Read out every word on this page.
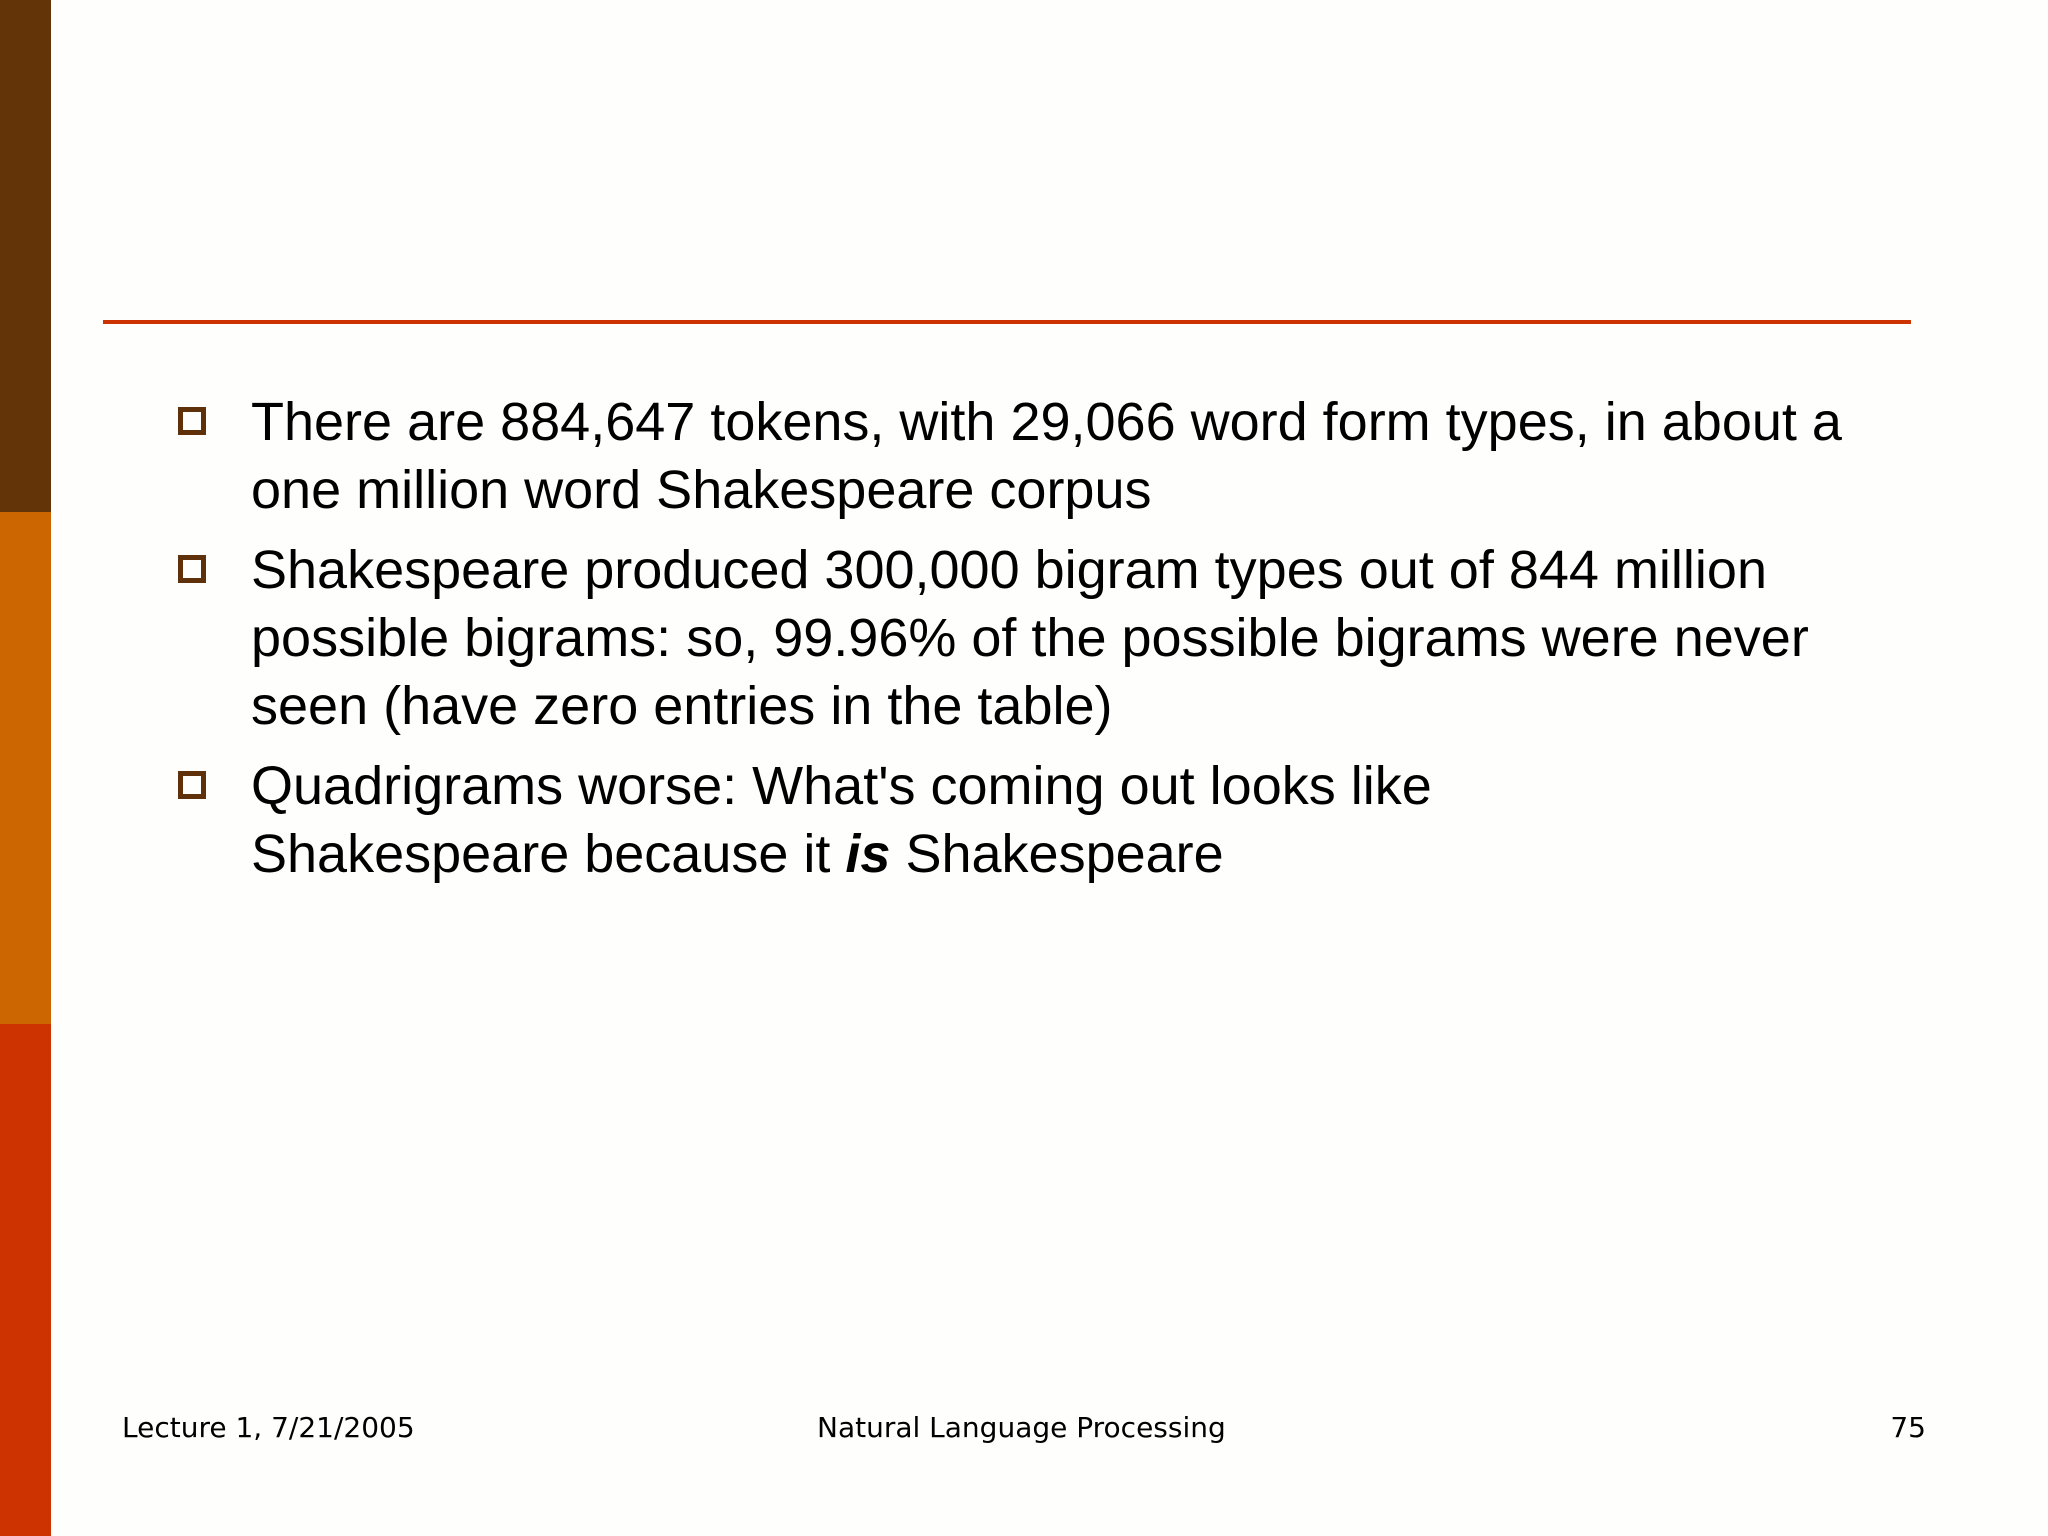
There are 884,647 tokens, with 29,066 word form types, in about a one million word Shakespeare corpus
Shakespeare produced 300,000 bigram types out of 844 million possible bigrams: so, 99.96% of the possible bigrams were never seen (have zero entries in the table)
Quadrigrams worse: What's coming out looks like
Shakespeare because it is Shakespeare
Lecture 1, 7/21/2005	Natural Language Processing	75
